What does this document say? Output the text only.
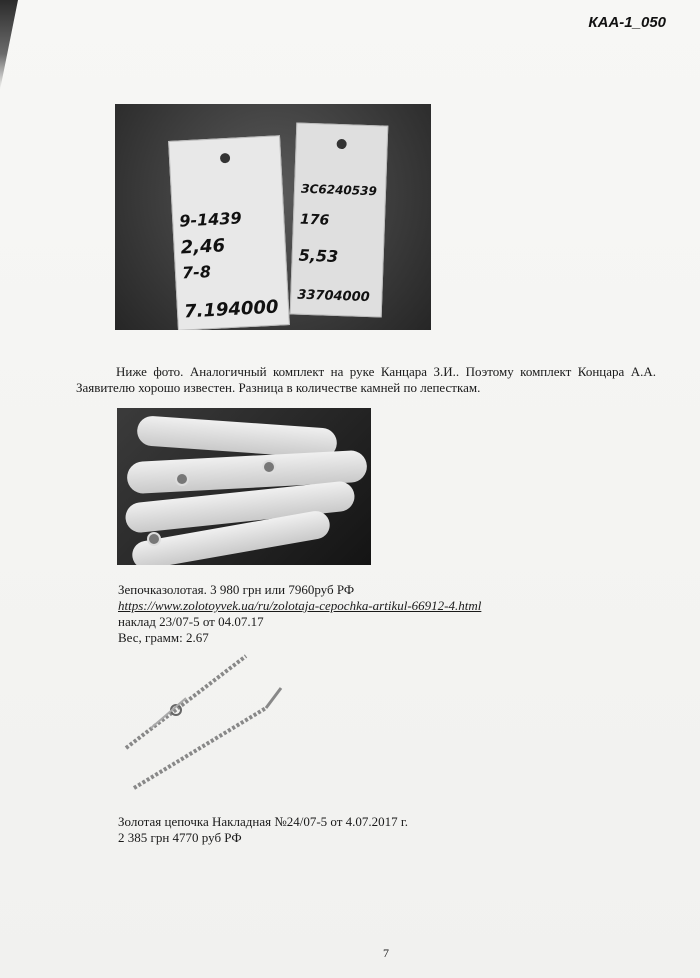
КАА-1_050
9-1439
2,46
7-8
7.194000
ЗС6240539
176
5,53
33704000
Ниже фото. Аналогичный комплект на руке Канцара З.И.. Поэтому комплект Концара А.А. Заявителю хорошо известен. Разница в количестве камней по лепесткам.
Зепочказолотая. 3 980 грн или 7960руб РФ
https://www.zolotoyvek.ua/ru/zolotaja-cepochka-artikul-66912-4.html
наклад 23/07-5 от 04.07.17
Вес, грамм: 2.67
Золотая цепочка Накладная №24/07-5 от 4.07.2017 г.
2 385 грн 4770 руб РФ
7
